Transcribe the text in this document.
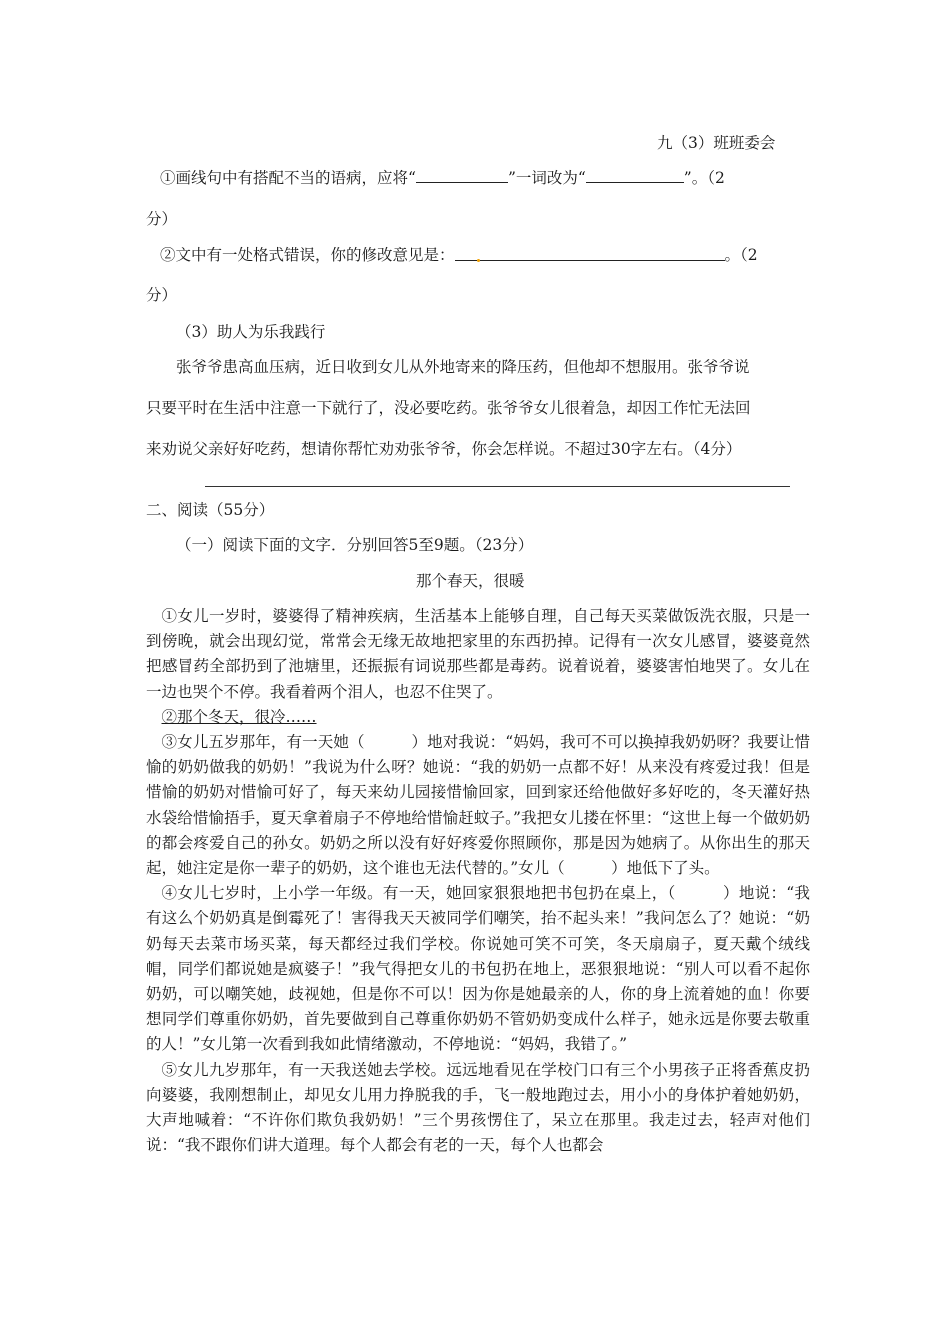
九（3）班班委会
①画线句中有搭配不当的语病，应将“	”一词改为“	”。（2
分）
②文中有一处格式错误，你的修改意见是：	。（2
分）
（3）助人为乐我践行
张爷爷患高血压病，近日收到女儿从外地寄来的降压药，但他却不想服用。张爷爷说
只要平时在生活中注意一下就行了，没必要吃药。张爷爷女儿很着急，却因工作忙无法回
来劝说父亲好好吃药，想请你帮忙劝劝张爷爷，你会怎样说。不超过30字左右。（4分）
二、阅读（55分）
（一）阅读下面的文字．分别回答5至9题。（23分）
那个春天，很暖

①女儿一岁时，婆婆得了精神疾病，生活基本上能够自理，自己每天买菜做饭洗衣服，只是一到傍晚，就会出现幻觉，常常会无缘无故地把家里的东西扔掉。记得有一次女儿感冒，婆婆竟然把感冒药全部扔到了池塘里，还振振有词说那些都是毒药。说着说着，婆婆害怕地哭了。女儿在一边也哭个不停。我看着两个泪人，也忍不住哭了。

②那个冬天，很冷……

③女儿五岁那年，有一天她（　　　）地对我说：“妈妈，我可不可以换掉我奶奶呀？我要让惜愉的奶奶做我的奶奶！”我说为什么呀？她说：“我的奶奶一点都不好！从来没有疼爱过我！但是惜愉的奶奶对惜愉可好了，每天来幼儿园接惜愉回家，回到家还给他做好多好吃的，冬天灌好热水袋给惜愉捂手，夏天拿着扇子不停地给惜愉赶蚊子。”我把女儿搂在怀里：“这世上每一个做奶奶的都会疼爱自己的孙女。奶奶之所以没有好好疼爱你照顾你，那是因为她病了。从你出生的那天起，她注定是你一辈子的奶奶，这个谁也无法代替的。”女儿（　　　）地低下了头。

④女儿七岁时，上小学一年级。有一天，她回家狠狠地把书包扔在桌上，（　　　）地说：“我有这么个奶奶真是倒霉死了！害得我天天被同学们嘲笑，抬不起头来！”我问怎么了？她说：“奶奶每天去菜市场买菜，每天都经过我们学校。你说她可笑不可笑，冬天扇扇子，夏天戴个绒线帽，同学们都说她是疯婆子！”我气得把女儿的书包扔在地上，恶狠狠地说：“别人可以看不起你奶奶，可以嘲笑她，歧视她，但是你不可以！因为你是她最亲的人，你的身上流着她的血！你要想同学们尊重你奶奶，首先要做到自己尊重你奶奶不管奶奶变成什么样子，她永远是你要去敬重的人！”女儿第一次看到我如此情绪激动，不停地说：“妈妈，我错了。”

⑤女儿九岁那年，有一天我送她去学校。远远地看见在学校门口有三个小男孩子正将香蕉皮扔向婆婆，我刚想制止，却见女儿用力挣脱我的手，飞一般地跑过去，用小小的身体护着她奶奶，大声地喊着：“不许你们欺负我奶奶！”三个男孩愣住了，呆立在那里。我走过去，轻声对他们说：“我不跟你们讲大道理。每个人都会有老的一天，每个人也都会
